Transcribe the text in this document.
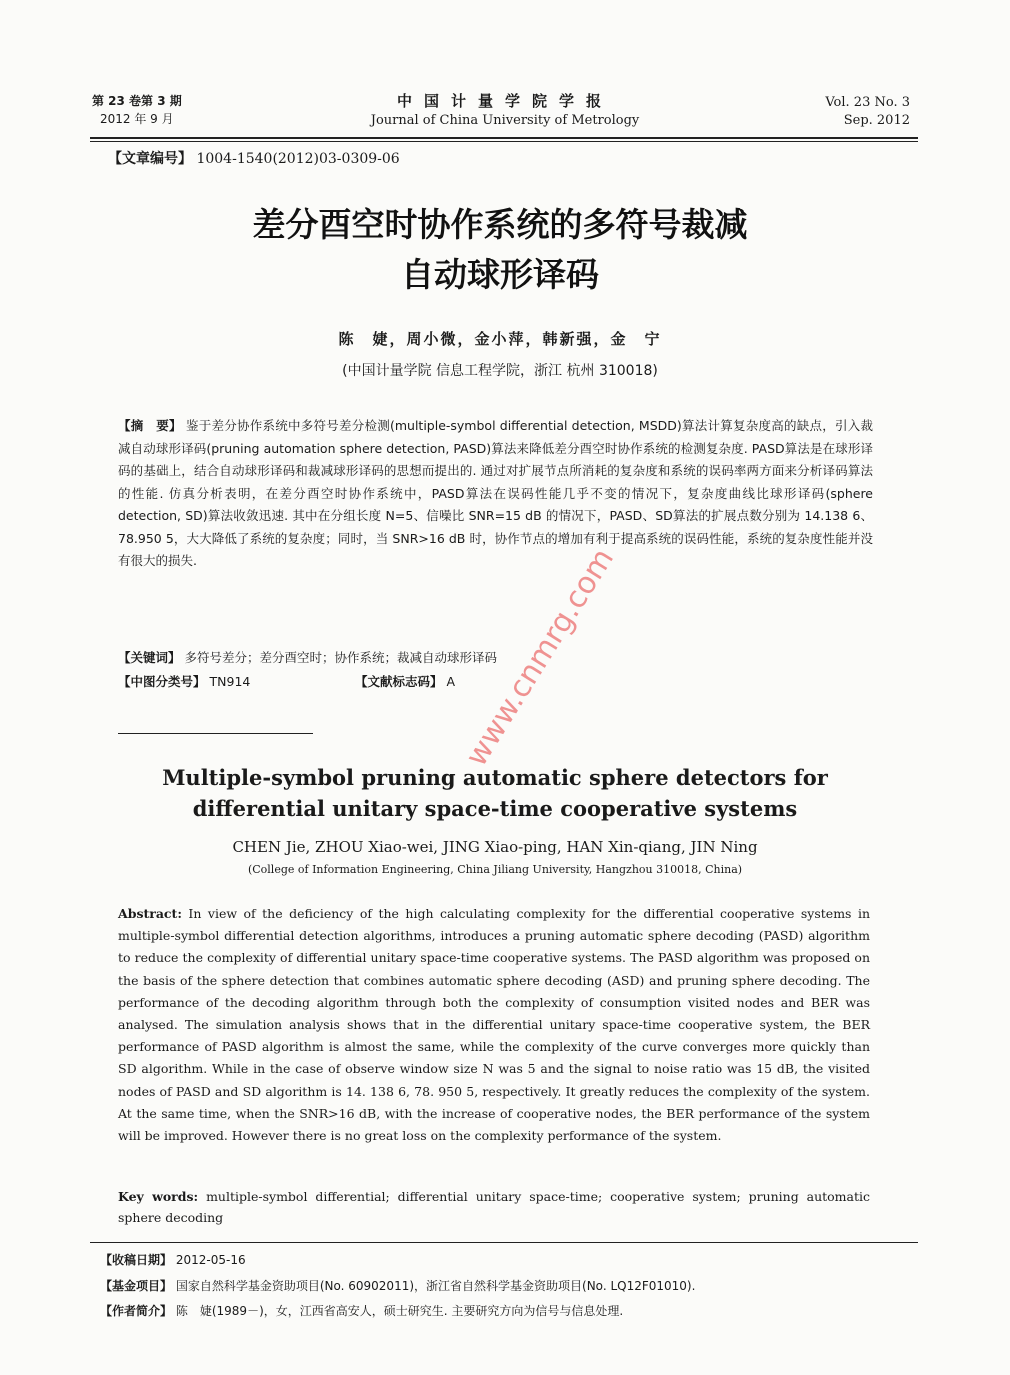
第 23 卷第 3 期
2012 年 9 月
中国计量学院学报
Journal of China University of Metrology
Vol. 23 No. 3
Sep. 2012
【文章编号】 1004-1540(2012)03-0309-06
差分酉空时协作系统的多符号裁减
自动球形译码
陈　婕，周小微，金小萍，韩新强，金　宁
(中国计量学院 信息工程学院，浙江 杭州 310018)
【摘　要】 鉴于差分协作系统中多符号差分检测(multiple-symbol differential detection, MSDD)算法计算复杂度高的缺点，引入裁减自动球形译码(pruning automation sphere detection, PASD)算法来降低差分酉空时协作系统的检测复杂度. PASD算法是在球形译码的基础上，结合自动球形译码和裁减球形译码的思想而提出的. 通过对扩展节点所消耗的复杂度和系统的误码率两方面来分析译码算法的性能. 仿真分析表明，在差分酉空时协作系统中，PASD算法在误码性能几乎不变的情况下，复杂度曲线比球形译码(sphere detection, SD)算法收敛迅速. 其中在分组长度 N=5、信噪比 SNR=15 dB 的情况下，PASD、SD算法的扩展点数分别为 14.138 6、78.950 5，大大降低了系统的复杂度；同时，当 SNR>16 dB 时，协作节点的增加有利于提高系统的误码性能，系统的复杂度性能并没有很大的损失.
【关键词】 多符号差分；差分酉空时；协作系统；裁减自动球形译码
【中图分类号】 TN914	【文献标志码】 A
Multiple-symbol pruning automatic sphere detectors for
differential unitary space-time cooperative systems
CHEN Jie, ZHOU Xiao-wei, JING Xiao-ping, HAN Xin-qiang, JIN Ning
(College of Information Engineering, China Jiliang University, Hangzhou 310018, China)
Abstract: In view of the deficiency of the high calculating complexity for the differential cooperative systems in multiple-symbol differential detection algorithms, introduces a pruning automatic sphere decoding (PASD) algorithm to reduce the complexity of differential unitary space-time cooperative systems. The PASD algorithm was proposed on the basis of the sphere detection that combines automatic sphere decoding (ASD) and pruning sphere decoding. The performance of the decoding algorithm through both the complexity of consumption visited nodes and BER was analysed. The simulation analysis shows that in the differential unitary space-time cooperative system, the BER performance of PASD algorithm is almost the same, while the complexity of the curve converges more quickly than SD algorithm. While in the case of observe window size N was 5 and the signal to noise ratio was 15 dB, the visited nodes of PASD and SD algorithm is 14. 138 6, 78. 950 5, respectively. It greatly reduces the complexity of the system. At the same time, when the SNR>16 dB, with the increase of cooperative nodes, the BER performance of the system will be improved. However there is no great loss on the complexity performance of the system.
Key words: multiple-symbol differential; differential unitary space-time; cooperative system; pruning automatic sphere decoding
【收稿日期】 2012-05-16
【基金项目】 国家自然科学基金资助项目(No. 60902011)，浙江省自然科学基金资助项目(No. LQ12F01010).
【作者简介】 陈　婕(1989－)，女，江西省高安人，硕士研究生. 主要研究方向为信号与信息处理.
www.cnmrg.com
